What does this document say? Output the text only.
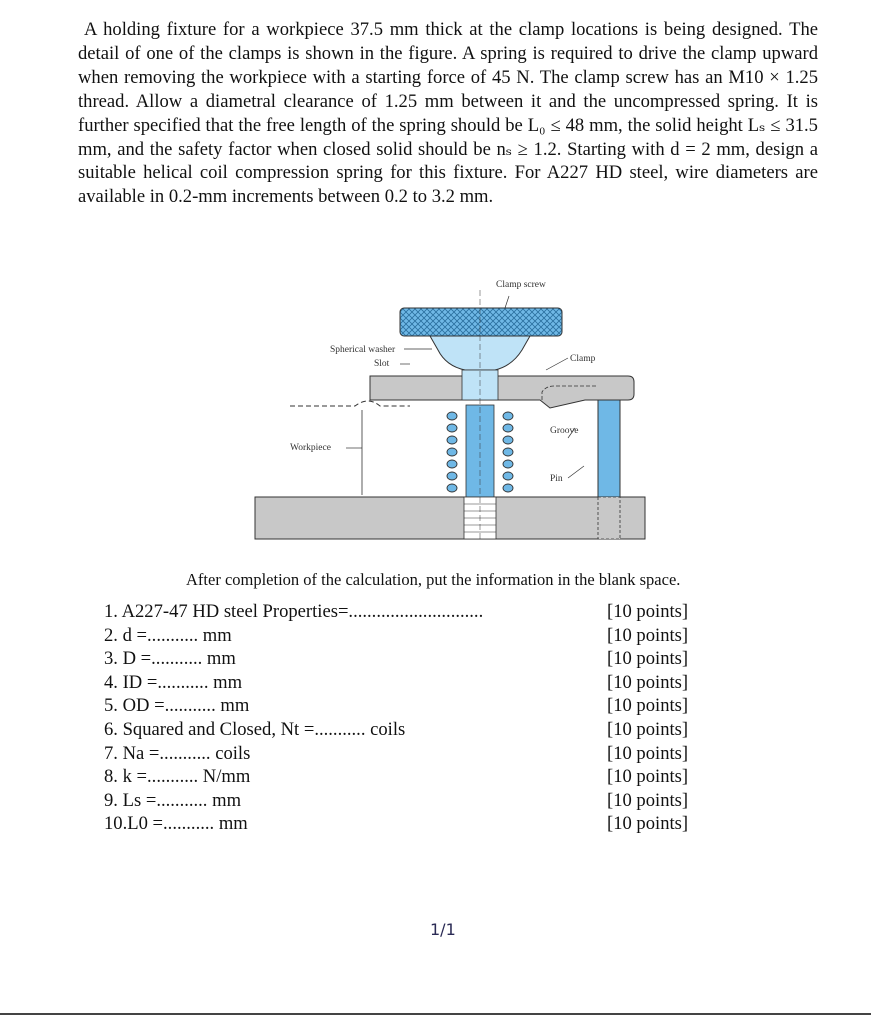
A holding fixture for a workpiece 37.5 mm thick at the clamp locations is being designed. The detail of one of the clamps is shown in the figure. A spring is required to drive the clamp upward when removing the workpiece with a starting force of 45 N. The clamp screw has an M10 × 1.25 thread. Allow a diametral clearance of 1.25 mm between it and the uncompressed spring. It is further specified that the free length of the spring should be L₀ ≤ 48 mm, the solid height Lₛ ≤ 31.5 mm, and the safety factor when closed solid should be nₛ ≥ 1.2. Starting with d = 2 mm, design a suitable helical coil compression spring for this fixture. For A227 HD steel, wire diameters are available in 0.2-mm increments between 0.2 to 3.2 mm.

Clamp screw
Spherical washer
Slot	Clamp
Groove
Workpiece
Pin
After completion of the calculation, put the information in the blank space.
1. A227-47 HD steel Properties=.............................	[10 points]
2. d =........... mm	[10 points]
3. D =........... mm	[10 points]
4. ID =........... mm	[10 points]
5. OD =........... mm	[10 points]
6. Squared and Closed, Nt =........... coils	[10 points]
7. Na =........... coils	[10 points]
8. k =........... N/mm	[10 points]
9. Ls =........... mm	[10 points]
10.L0 =........... mm	[10 points]
1/1
